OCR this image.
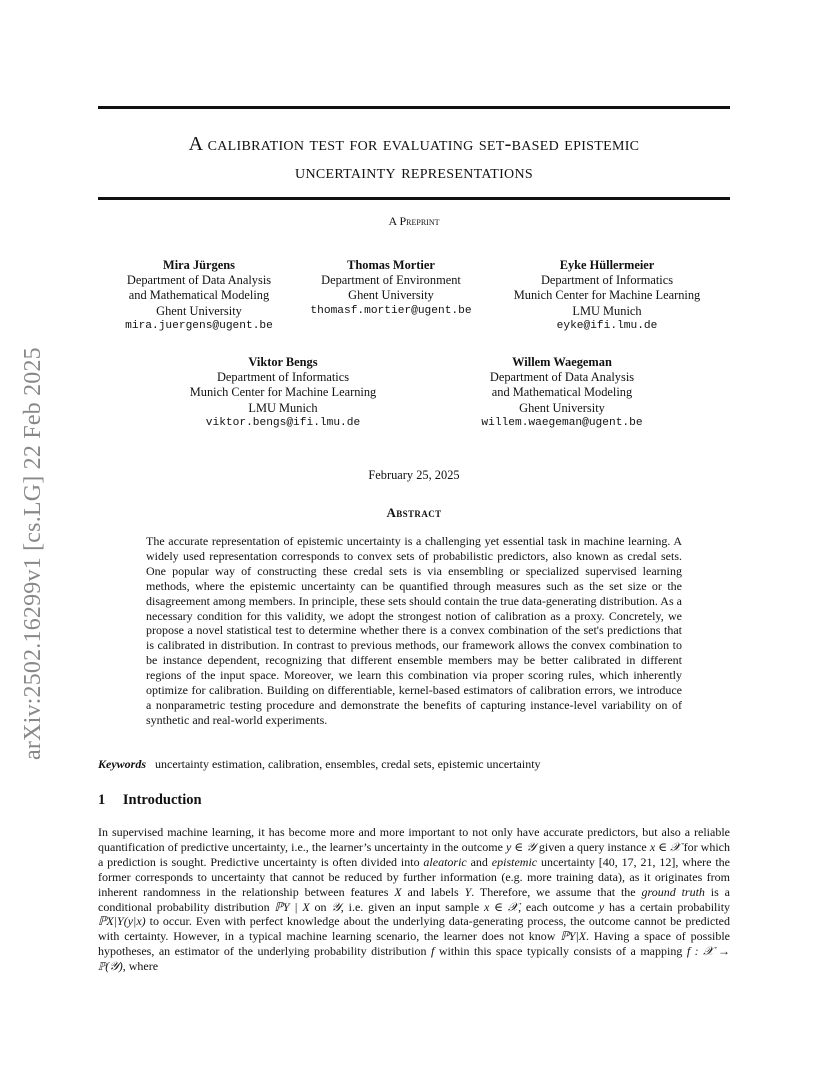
arXiv:2502.16299v1 [cs.LG] 22 Feb 2025
A calibration test for evaluating set-based epistemic
uncertainty representations
A Preprint
Mira Jürgens
Department of Data Analysis
and Mathematical Modeling
Ghent University
mira.juergens@ugent.be
Thomas Mortier
Department of Environment
Ghent University
thomasf.mortier@ugent.be
Eyke Hüllermeier
Department of Informatics
Munich Center for Machine Learning
LMU Munich
eyke@ifi.lmu.de
Viktor Bengs
Department of Informatics
Munich Center for Machine Learning
LMU Munich
viktor.bengs@ifi.lmu.de
Willem Waegeman
Department of Data Analysis
and Mathematical Modeling
Ghent University
willem.waegeman@ugent.be
February 25, 2025
Abstract
The accurate representation of epistemic uncertainty is a challenging yet essential task in machine learning. A widely used representation corresponds to convex sets of probabilistic predictors, also known as credal sets. One popular way of constructing these credal sets is via ensembling or specialized supervised learning methods, where the epistemic uncertainty can be quantified through measures such as the set size or the disagreement among members. In principle, these sets should contain the true data-generating distribution. As a necessary condition for this validity, we adopt the strongest notion of calibration as a proxy. Concretely, we propose a novel statistical test to determine whether there is a convex combination of the set's predictions that is calibrated in distribution. In contrast to previous methods, our framework allows the convex combination to be instance dependent, recognizing that different ensemble members may be better calibrated in different regions of the input space. Moreover, we learn this combination via proper scoring rules, which inherently optimize for calibration. Building on differentiable, kernel-based estimators of calibration errors, we introduce a nonparametric testing procedure and demonstrate the benefits of capturing instance-level variability on of synthetic and real-world experiments.
Keywords uncertainty estimation, calibration, ensembles, credal sets, epistemic uncertainty
1 Introduction
In supervised machine learning, it has become more and more important to not only have accurate predictors, but also a reliable quantification of predictive uncertainty, i.e., the learner’s uncertainty in the outcome y ∈ 𝒴 given a query instance x ∈ 𝒳 for which a prediction is sought. Predictive uncertainty is often divided into aleatoric and epistemic uncertainty [40, 17, 21, 12], where the former corresponds to uncertainty that cannot be reduced by further information (e.g. more training data), as it originates from inherent randomness in the relationship between features X and labels Y. Therefore, we assume that the ground truth is a conditional probability distribution ℙY | X on 𝒴, i.e. given an input sample x ∈ 𝒳, each outcome y has a certain probability ℙX|Y(y|x) to occur. Even with perfect knowledge about the underlying data-generating process, the outcome cannot be predicted with certainty. However, in a typical machine learning scenario, the learner does not know ℙY|X. Having a space of possible hypotheses, an estimator of the underlying probability distribution f within this space typically consists of a mapping f : 𝒳 → ℙ(𝒴), where
